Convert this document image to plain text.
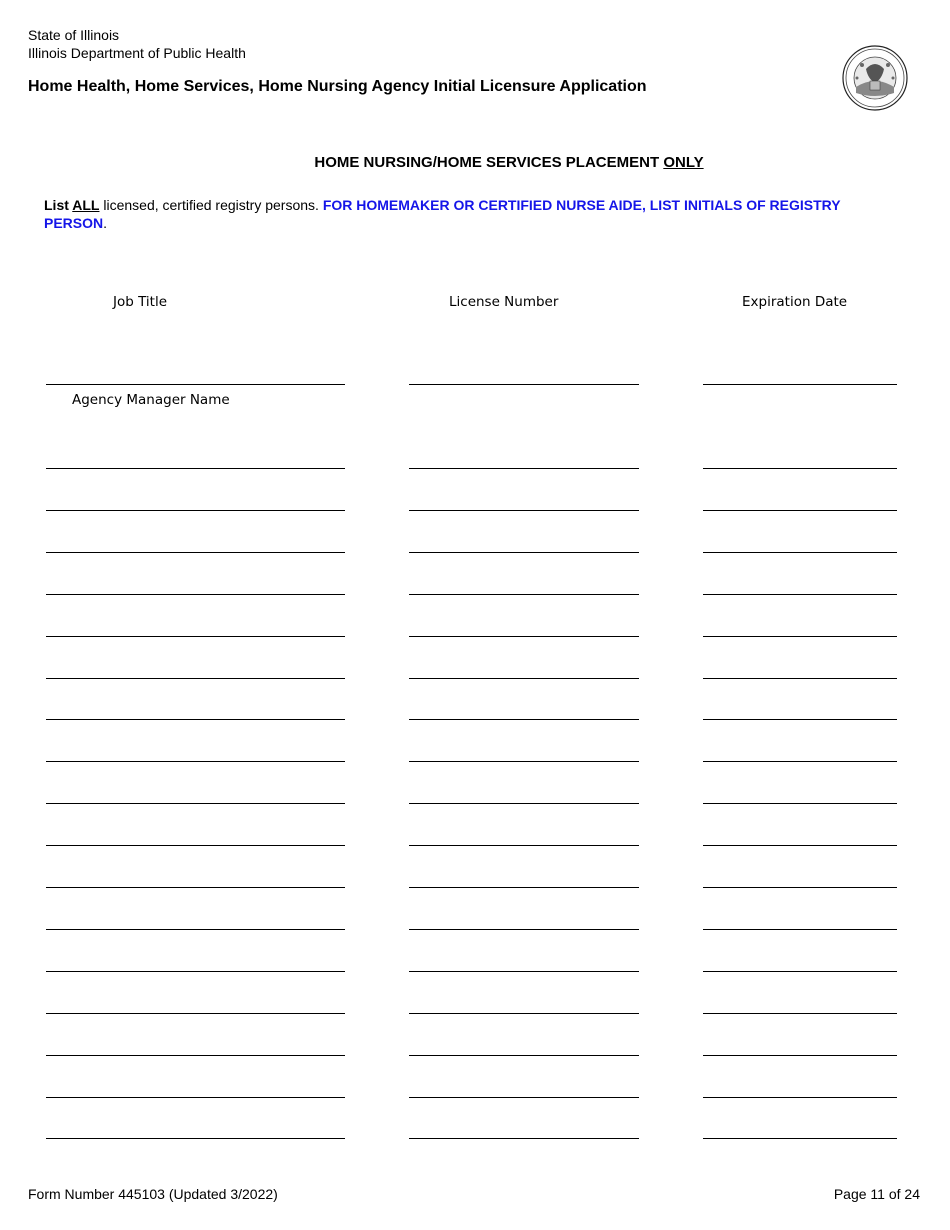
State of Illinois
Illinois Department of Public Health
Home Health, Home Services, Home Nursing Agency Initial Licensure Application
HOME NURSING/HOME SERVICES PLACEMENT ONLY
List ALL licensed, certified registry persons. FOR HOMEMAKER OR CERTIFIED NURSE AIDE, LIST INITIALS OF REGISTRY PERSON.
Job Title	License Number	Expiration Date
Agency Manager Name
Form Number 445103 (Updated 3/2022)	Page 11 of 24
